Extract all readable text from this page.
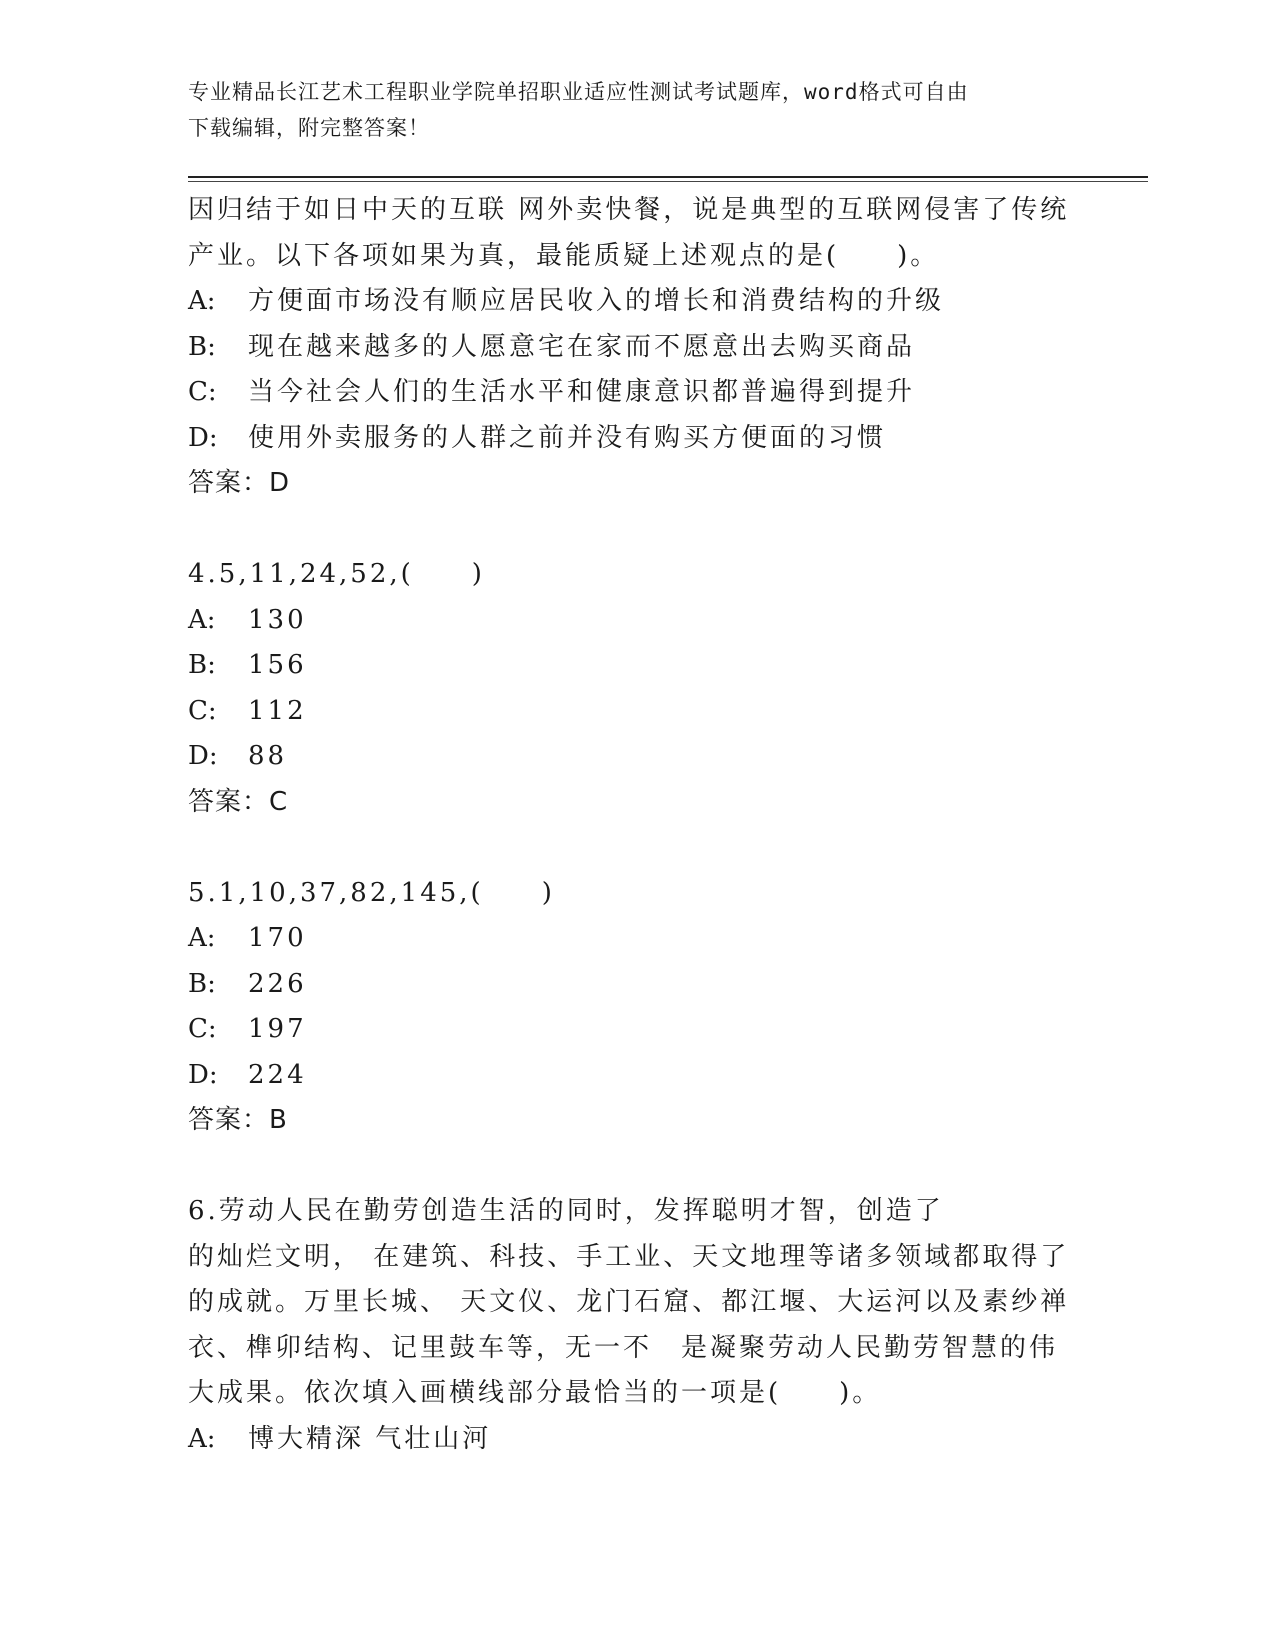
专业精品长江艺术工程职业学院单招职业适应性测试考试题库，word格式可自由
下载编辑，附完整答案！
因归结于如日中天的互联 网外卖快餐，说是典型的互联网侵害了传统
产业。以下各项如果为真，最能质疑上述观点的是(　　)。
A:	方便面市场没有顺应居民收入的增长和消费结构的升级
B:	现在越来越多的人愿意宅在家而不愿意出去购买商品
C:	当今社会人们的生活水平和健康意识都普遍得到提升
D:	使用外卖服务的人群之前并没有购买方便面的习惯
答案：D
4.5,11,24,52,(　　)
A:	130
B:	156
C:	112
D:	88
答案：C
5.1,10,37,82,145,(　　)
A:	170
B:	226
C:	197
D:	224
答案：B
6.劳动人民在勤劳创造生活的同时，发挥聪明才智，创造了
的灿烂文明， 在建筑、科技、手工业、天文地理等诸多领域都取得了
的成就。万里长城、 天文仪、龙门石窟、都江堰、大运河以及素纱禅
衣、榫卯结构、记里鼓车等，无一不　是凝聚劳动人民勤劳智慧的伟
大成果。依次填入画横线部分最恰当的一项是(　　)。
A:	博大精深 气壮山河
